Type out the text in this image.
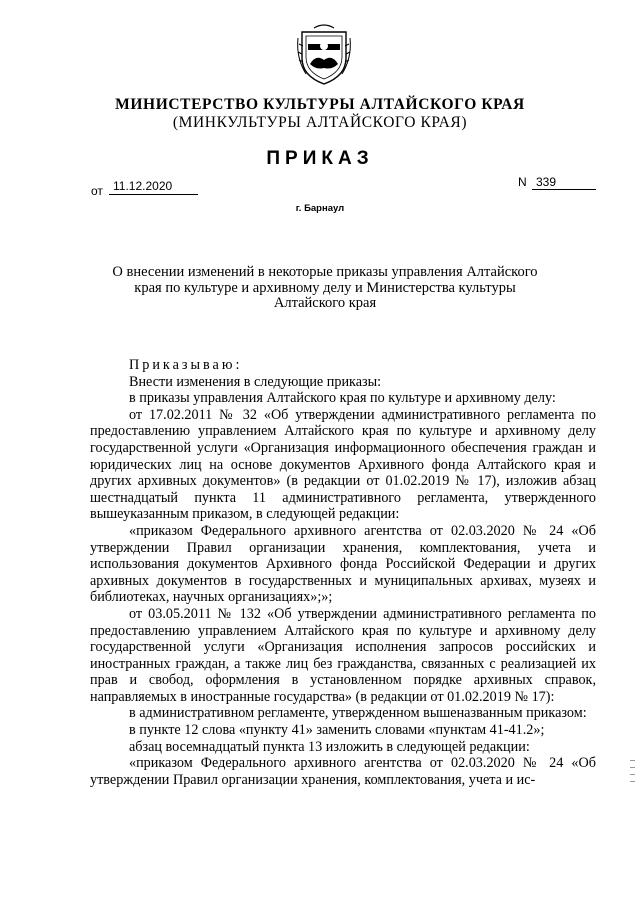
МИНИСТЕРСТВО КУЛЬТУРЫ АЛТАЙСКОГО КРАЯ
(МИНКУЛЬТУРЫ АЛТАЙСКОГО КРАЯ)
ПРИКАЗ
от 11.12.2020	N 339
г. Барнаул
О внесении изменений в некоторые приказы управления Алтайского края по культуре и архивному делу и Министерства культуры Алтайского края

Приказываю:

Внести изменения в следующие приказы:

в приказы управления Алтайского края по культуре и архивному делу:

от 17.02.2011 № 32 «Об утверждении административного регламента по предоставлению управлением Алтайского края по культуре и архивному делу государственной услуги «Организация информационного обеспечения граждан и юридических лиц на основе документов Архивного фонда Алтайского края и других архивных документов» (в редакции от 01.02.2019 № 17), изложив абзац шестнадцатый пункта 11 административного регламента, утвержденного вышеуказанным приказом, в следующей редакции:

«приказом Федерального архивного агентства от 02.03.2020 № 24 «Об утверждении Правил организации хранения, комплектования, учета и использования документов Архивного фонда Российской Федерации и других архивных документов в государственных и муниципальных архивах, музеях и библиотеках, научных организациях»;»;

от 03.05.2011 № 132 «Об утверждении административного регламента по предоставлению управлением Алтайского края по культуре и архивному делу государственной услуги «Организация исполнения запросов российских и иностранных граждан, а также лиц без гражданства, связанных с реализацией их прав и свобод, оформления в установленном порядке архивных справок, направляемых в иностранные государства» (в редакции от 01.02.2019 № 17):

в административном регламенте, утвержденном вышеназванным приказом:

в пункте 12 слова «пункту 41» заменить словами «пунктам 41-41.2»;

абзац восемнадцатый пункта 13 изложить в следующей редакции:

«приказом Федерального архивного агентства от 02.03.2020 № 24 «Об утверждении Правил организации хранения, комплектования, учета и ис-
